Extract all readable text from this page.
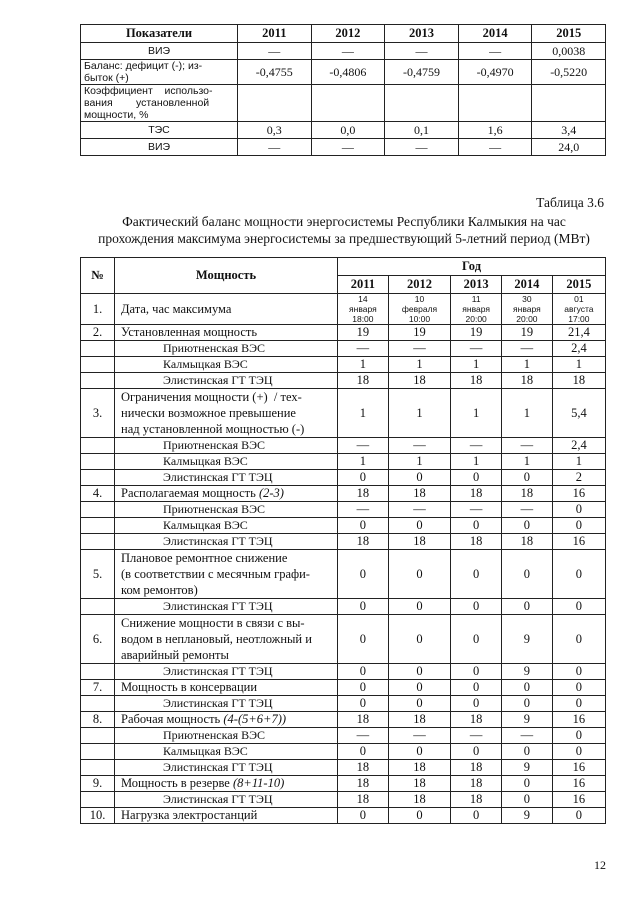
Показатели	2011	2012	2013	2014	2015
ВИЭ	—	—	—	—	0,0038

Баланс: дефицит (-); из-
быток (+)	-0,4755	-0,4806	-0,4759	-0,4970	-0,5220

Коэффициент    использо-
вания        установленной
мощности, %					

ТЭС	0,3	0,0	0,1	1,6	3,4
ВИЭ	—	—	—	—	24,0
Таблица 3.6
Фактический баланс мощности энергосистемы Республики Калмыкия на час прохождения максимума энергосистемы за предшествующий 5-летний период (МВт)
№	Мощность	Год				
		2011	2012	2013	2014	2015
1.	Дата, час максимума	14
января
18:00	10
февраля
10:00	11
января
20:00	30
января
20:00	01
августа
17:00
2.	Установленная мощность	19	19	19	19	21,4
	Приютненская ВЭС	—	—	—	—	2,4
	Калмыцкая ВЭС	1	1	1	1	1
	Элистинская ГТ ТЭЦ	18	18	18	18	18
3.	Ограничения мощности (+)  / тех-
нически возможное превышение
над установленной мощностью (-)	1	1	1	1	5,4
	Приютненская ВЭС	—	—	—	—	2,4
	Калмыцкая ВЭС	1	1	1	1	1
	Элистинская ГТ ТЭЦ	0	0	0	0	2
4.	Располагаемая мощность (2-3)	18	18	18	18	16
	Приютненская ВЭС	—	—	—	—	0
	Калмыцкая ВЭС	0	0	0	0	0
	Элистинская ГТ ТЭЦ	18	18	18	18	16
5.	Плановое ремонтное снижение
(в соответствии с месячным графи-
ком ремонтов)	0	0	0	0	0
	Элистинская ГТ ТЭЦ	0	0	0	0	0
6.	Снижение мощности в связи с вы-
водом в неплановый, неотложный и
аварийный ремонты	0	0	0	9	0
	Элистинская ГТ ТЭЦ	0	0	0	9	0
7.	Мощность в консервации	0	0	0	0	0
	Элистинская ГТ ТЭЦ	0	0	0	0	0
8.	Рабочая мощность (4-(5+6+7))	18	18	18	9	16
	Приютненская ВЭС	—	—	—	—	0
	Калмыцкая ВЭС	0	0	0	0	0
	Элистинская ГТ ТЭЦ	18	18	18	9	16
9.	Мощность в резерве (8+11-10)	18	18	18	0	16
	Элистинская ГТ ТЭЦ	18	18	18	0	16
10.	Нагрузка электростанций	0	0	0	9	0
12
